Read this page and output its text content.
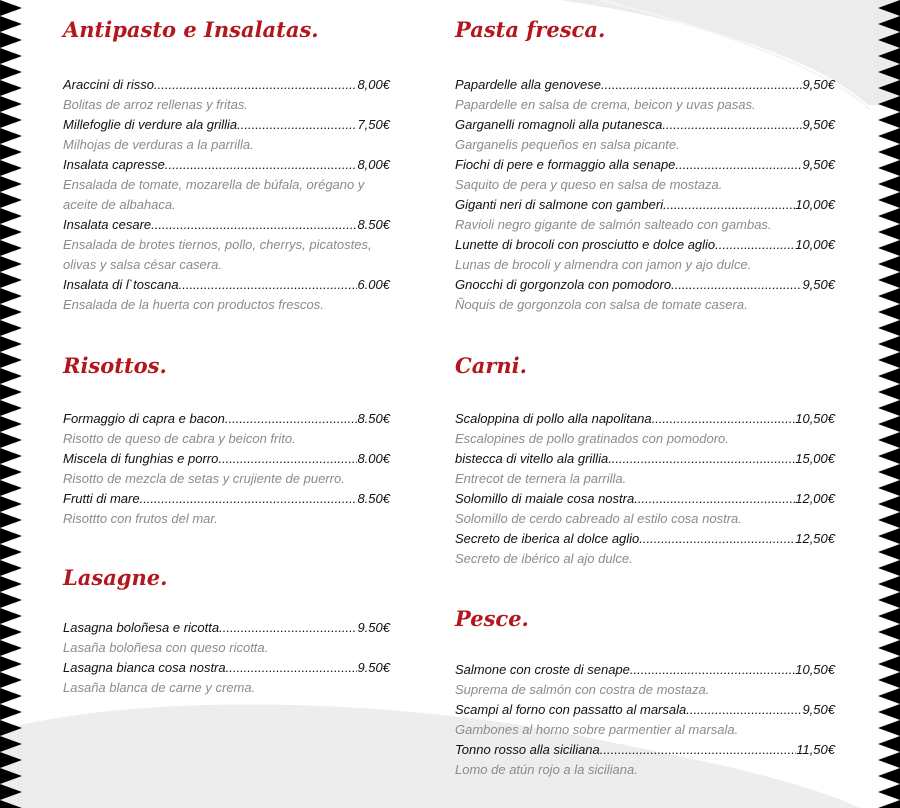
Antipasto e Insalatas.
Araccini di risso .....	8,00€
Bolitas de arroz rellenas y fritas.
Millefoglie di verdure ala grillia .....	7,50€
Milhojas de verduras a la parrilla.
Insalata capresse .....	8,00€
Ensalada de tomate, mozarella de búfala, orégano y aceite de albahaca.
Insalata cesare .....	8.50€
Ensalada de brotes tiernos, pollo, cherrys, picatostes, olivas y salsa césar casera.
Insalata di l`toscana .....	6.00€
Ensalada de la huerta con productos frescos.
Risottos.
Formaggio di capra e bacon .....	8.50€
Risotto de queso de cabra y beicon frito.
Miscela di funghias e porro .....	8.00€
Risotto de mezcla de setas y crujiente de puerro.
Frutti di mare .....	8.50€
Risottto con frutos del mar.
Lasagne.
Lasagna boloñesa e ricotta .....	9.50€
Lasaña boloñesa con queso ricotta.
Lasagna bianca cosa nostra .....	9.50€
Lasaña blanca de carne y crema.
Pasta fresca.
Papardelle alla genovese .....	9,50€
Papardelle en salsa de crema, beicon y uvas pasas.
Garganelli romagnoli alla putanesca .....	9,50€
Garganelis pequeños en salsa picante.
Fiochi di pere e formaggio alla senape .....	9,50€
Saquito de pera y queso en salsa de mostaza.
Giganti neri di salmone con gamberi .....	10,00€
Ravioli negro gigante de salmón salteado con gambas.
Lunette di brocoli con prosciutto e dolce aglio .....	10,00€
Lunas de brocoli y almendra con jamon y ajo dulce.
Gnocchi di gorgonzola con pomodoro .....	9,50€
Ñoquis de gorgonzola con salsa de tomate casera.
Carni.
Scaloppina di pollo alla napolitana .....	10,50€
Escalopines de pollo gratinados con pomodoro.
bistecca di vitello ala grillia .....	15,00€
Entrecot de ternera la parrilla.
Solomillo di maiale cosa nostra .....	12,00€
Solomillo de cerdo cabreado al estilo cosa nostra.
Secreto de iberica al dolce aglio .....	12,50€
Secreto de ibérico al ajo dulce.
Pesce.
Salmone con croste di senape .....	10,50€
Suprema de salmón con costra de mostaza.
Scampi al forno con passatto al marsala .....	9,50€
Gambones al horno sobre parmentier al marsala.
Tonno rosso alla siciliana .....	11,50€
Lomo de atún rojo a la siciliana.
